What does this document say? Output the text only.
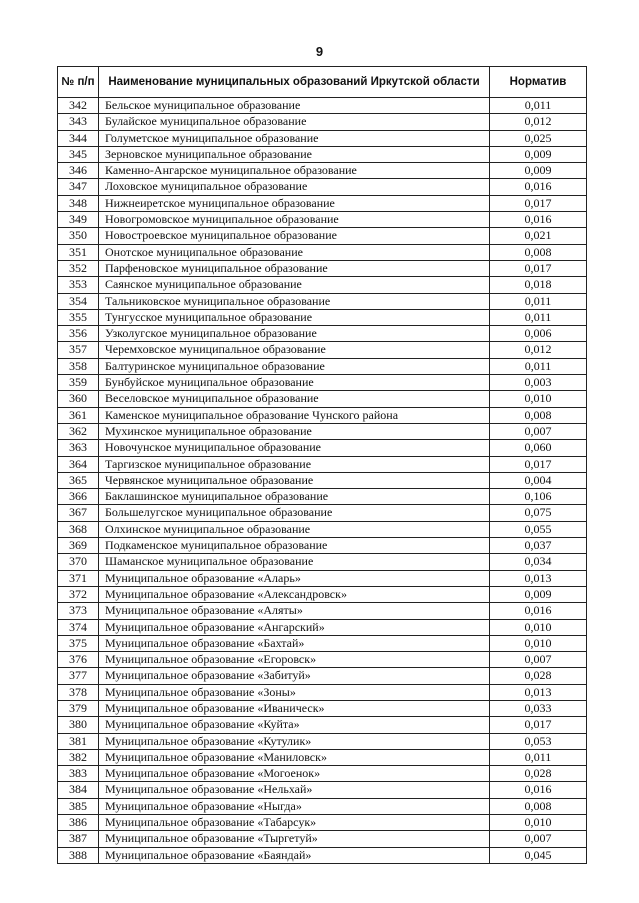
9
№ п/п	Наименование муниципальных образований Иркутской области	Норматив
342	Бельское муниципальное образование	0,011
343	Булайское муниципальное образование	0,012
344	Голуметское муниципальное образование	0,025
345	Зерновское муниципальное образование	0,009
346	Каменно-Ангарское муниципальное образование	0,009
347	Лоховское муниципальное образование	0,016
348	Нижнеиретское муниципальное образование	0,017
349	Новогромовское муниципальное образование	0,016
350	Новостроевское муниципальное образование	0,021
351	Онотское муниципальное образование	0,008
352	Парфеновское муниципальное образование	0,017
353	Саянское муниципальное образование	0,018
354	Тальниковское муниципальное образование	0,011
355	Тунгусское муниципальное образование	0,011
356	Узколугское муниципальное образование	0,006
357	Черемховское муниципальное образование	0,012
358	Балтуринское муниципальное образование	0,011
359	Бунбуйское муниципальное образование	0,003
360	Веселовское муниципальное образование	0,010
361	Каменское муниципальное образование Чунского района	0,008
362	Мухинское муниципальное образование	0,007
363	Новочунское муниципальное образование	0,060
364	Таргизское муниципальное образование	0,017
365	Червянское муниципальное образование	0,004
366	Баклашинское муниципальное образование	0,106
367	Большелугское муниципальное образование	0,075
368	Олхинское муниципальное образование	0,055
369	Подкаменское муниципальное образование	0,037
370	Шаманское муниципальное образование	0,034
371	Муниципальное образование «Аларь»	0,013
372	Муниципальное образование «Александровск»	0,009
373	Муниципальное образование «Аляты»	0,016
374	Муниципальное образование «Ангарский»	0,010
375	Муниципальное образование «Бахтай»	0,010
376	Муниципальное образование «Егоровск»	0,007
377	Муниципальное образование «Забитуй»	0,028
378	Муниципальное образование «Зоны»	0,013
379	Муниципальное образование «Иваническ»	0,033
380	Муниципальное образование «Куйта»	0,017
381	Муниципальное образование «Кутулик»	0,053
382	Муниципальное образование «Маниловск»	0,011
383	Муниципальное образование «Могоенок»	0,028
384	Муниципальное образование «Нельхай»	0,016
385	Муниципальное образование «Ныгда»	0,008
386	Муниципальное образование «Табарсук»	0,010
387	Муниципальное образование «Тыргетуй»	0,007
388	Муниципальное образование «Баяндай»	0,045
